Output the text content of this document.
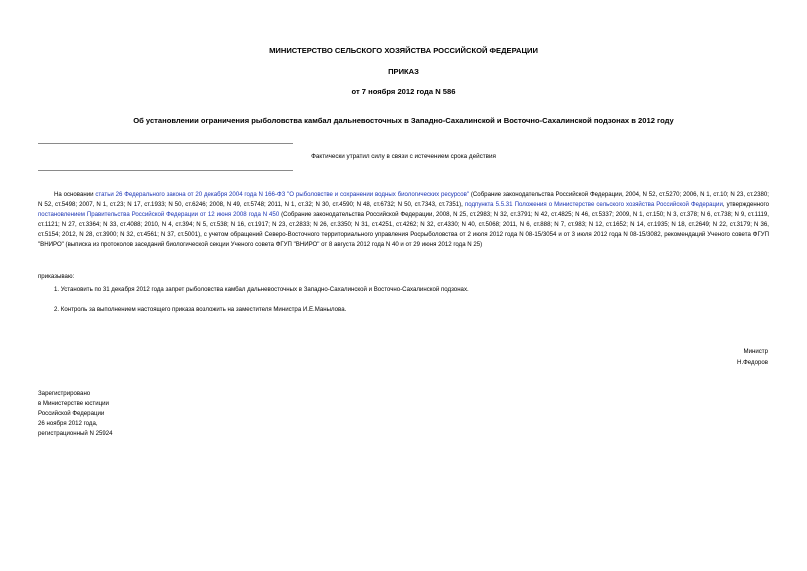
МИНИСТЕРСТВО СЕЛЬСКОГО ХОЗЯЙСТВА РОССИЙСКОЙ ФЕДЕРАЦИИ
ПРИКАЗ
от 7 ноября 2012 года N 586
Об установлении ограничения рыболовства камбал дальневосточных в Западно-Сахалинской и Восточно-Сахалинской подзонах в 2012 году
Фактически утратил силу в связи с истечением срока действия
На основании статьи 26 Федерального закона от 20 декабря 2004 года N 166-ФЗ "О рыболовстве и сохранении водных биологических ресурсов" (Собрание законодательства Российской Федерации, 2004, N 52, ст.5270; 2006, N 1, ст.10; N 23, ст.2380; N 52, ст.5498; 2007, N 1, ст.23; N 17, ст.1933; N 50, ст.6246; 2008, N 49, ст.5748; 2011, N 1, ст.32; N 30, ст.4590; N 48, ст.6732; N 50, ст.7343, ст.7351), подпункта 5.5.31 Положения о Министерстве сельского хозяйства Российской Федерации, утвержденного постановлением Правительства Российской Федерации от 12 июня 2008 года N 450 (Собрание законодательства Российской Федерации, 2008, N 25, ст.2983; N 32, ст.3791; N 42, ст.4825; N 46, ст.5337; 2009, N 1, ст.150; N 3, ст.378; N 6, ст.738; N 9, ст.1119, ст.1121; N 27, ст.3364; N 33, ст.4088; 2010, N 4, ст.394; N 5, ст.538; N 16, ст.1917; N 23, ст.2833; N 26, ст.3350; N 31, ст.4251, ст.4262; N 32, ст.4330; N 40, ст.5068; 2011, N 6, ст.888; N 7, ст.983; N 12, ст.1652; N 14, ст.1935; N 18, ст.2649; N 22, ст.3179; N 36, ст.5154; 2012, N 28, ст.3900; N 32, ст.4561; N 37, ст.5001), с учетом обращений Северо-Восточного территориального управления Росрыболовства от 2 июля 2012 года N 08-15/3054 и от 3 июля 2012 года N 08-15/3082, рекомендаций Ученого совета ФГУП "ВНИРО" (выписка из протоколов заседаний биологической секции Ученого совета ФГУП "ВНИРО" от 8 августа 2012 года N 40 и от 29 июня 2012 года N 25)
приказываю:
1. Установить по 31 декабря 2012 года запрет рыболовства камбал дальневосточных в Западно-Сахалинской и Восточно-Сахалинской подзонах.
2. Контроль за выполнением настоящего приказа возложить на заместителя Министра И.Е.Манылова.
Министр
Н.Федоров
Зарегистрировано
в Министерстве юстиции
Российской Федерации
26 ноября 2012 года,
регистрационный N 25924
